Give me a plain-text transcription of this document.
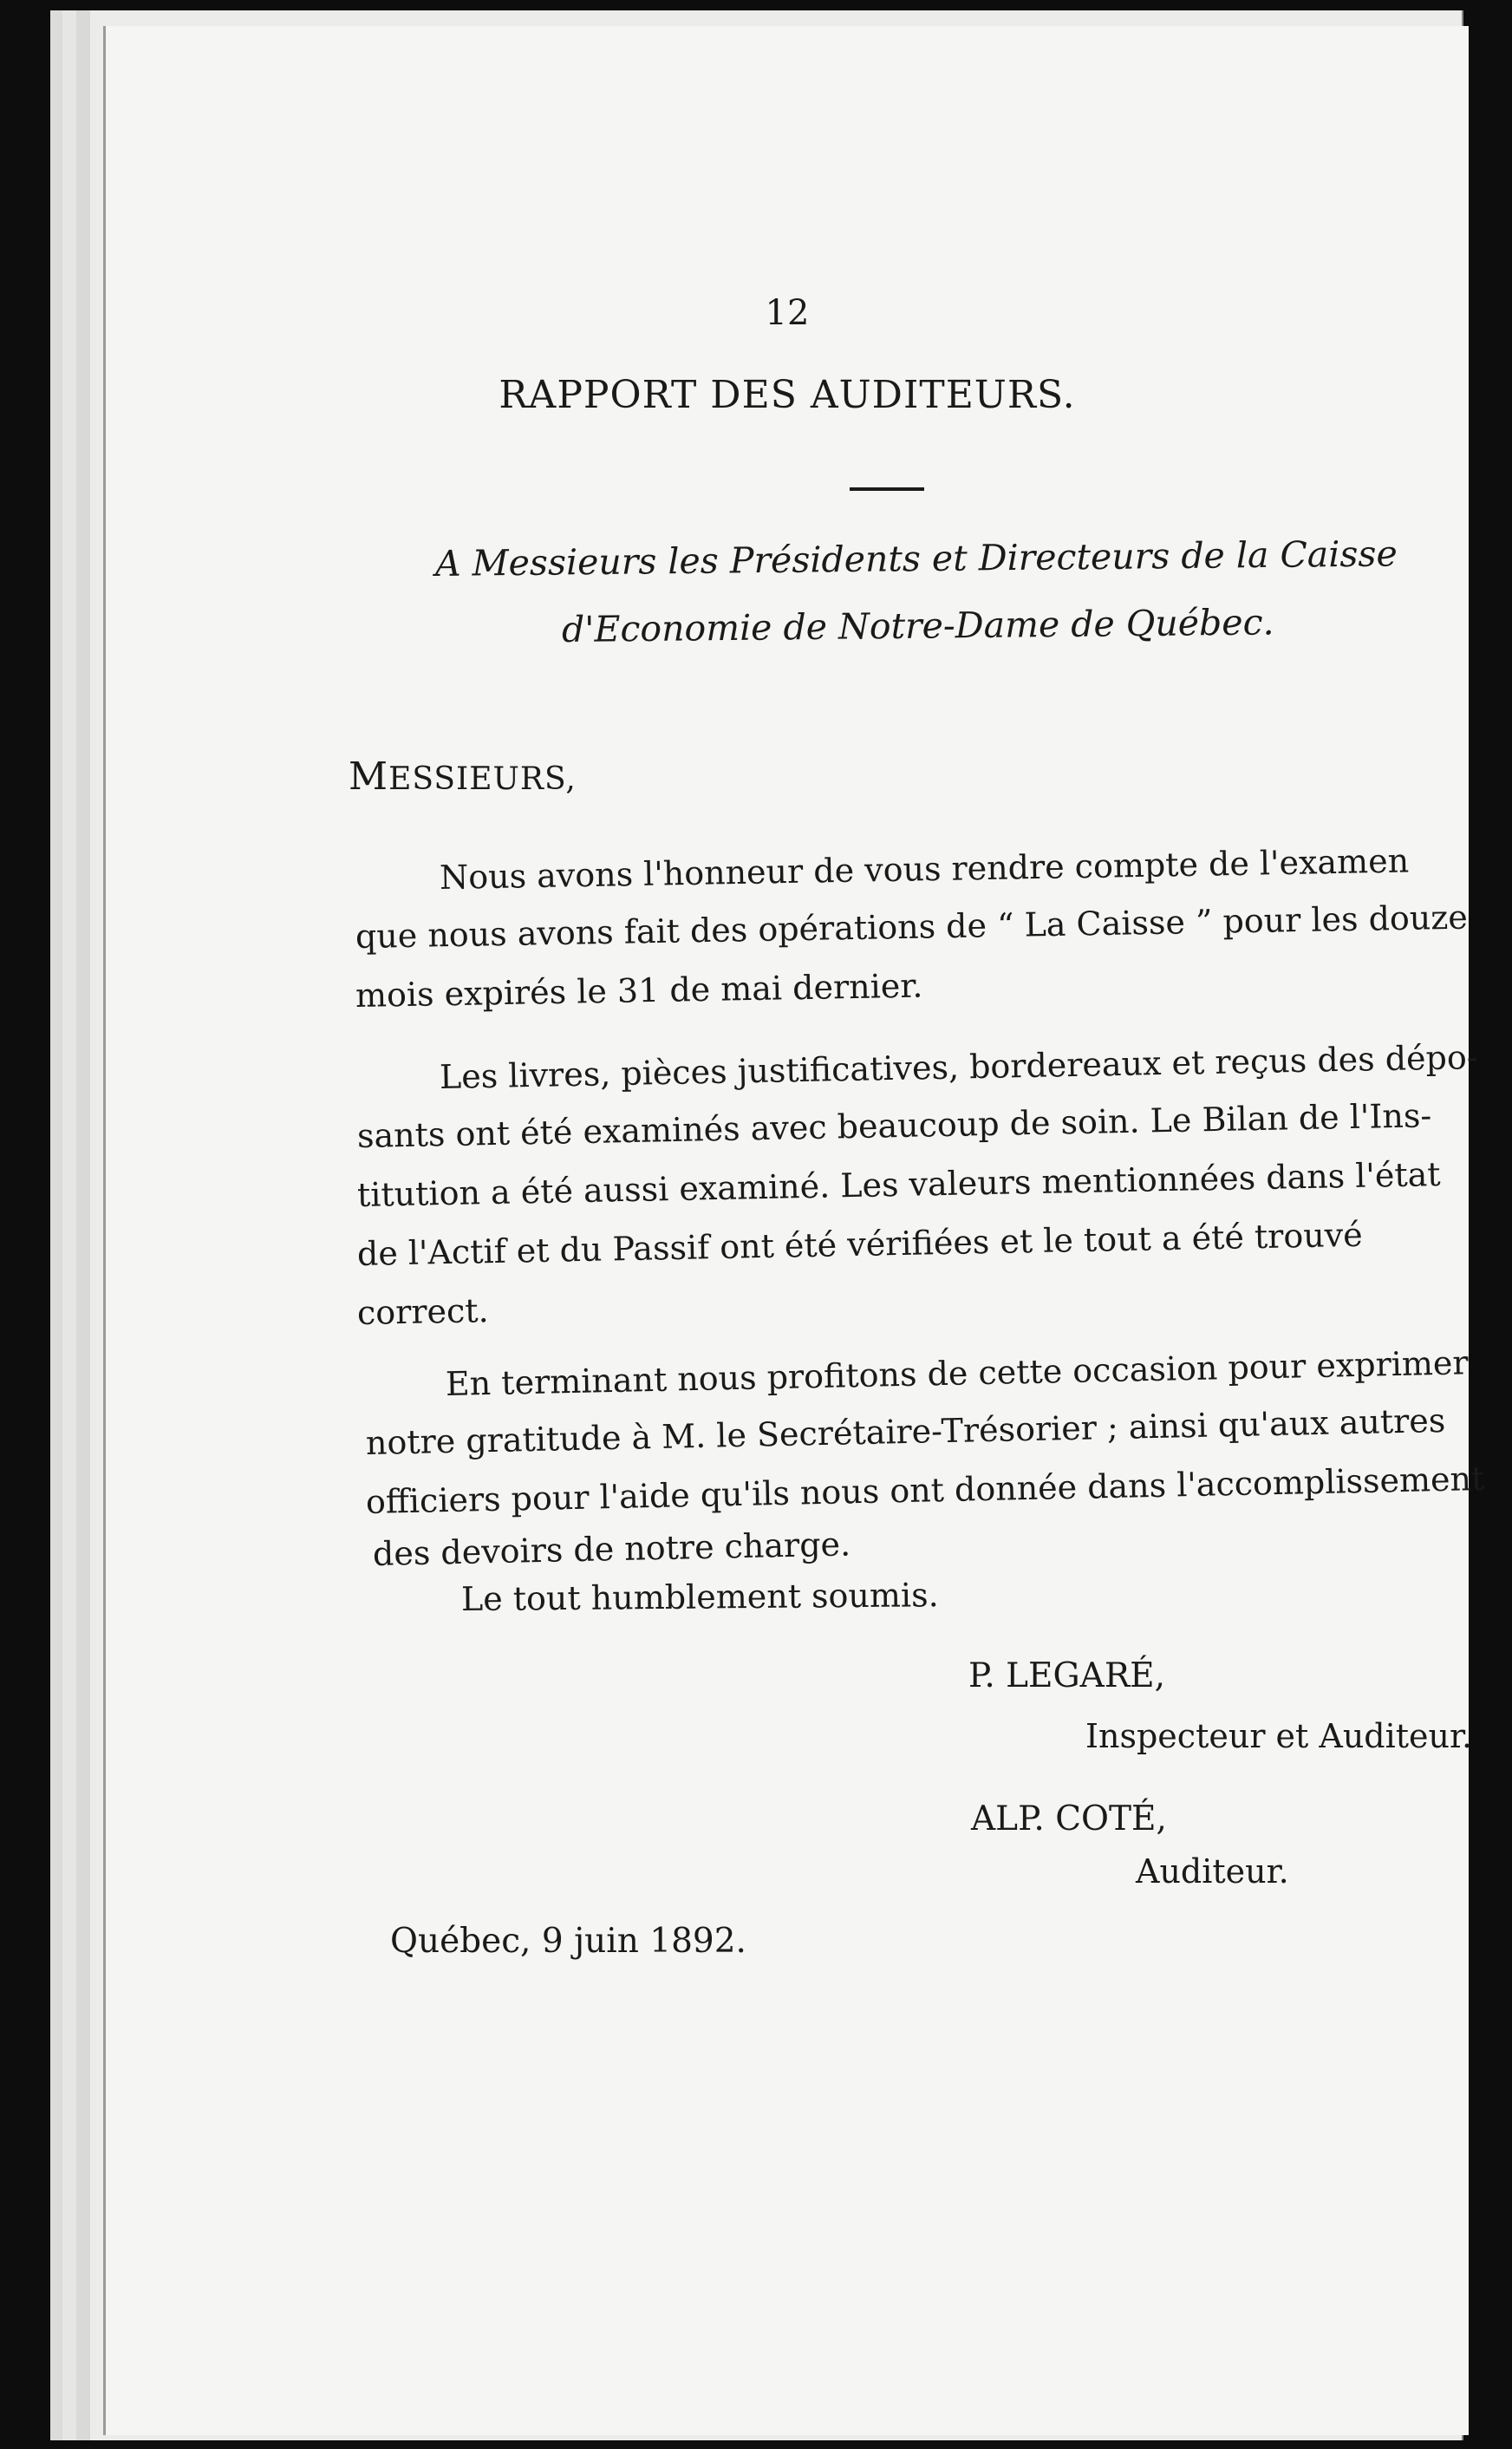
12
RAPPORT DES AUDITEURS.
A Messieurs les Présidents et Directeurs de la Caisse
d'Economie de Notre-Dame de Québec.
MESSIEURS,
Nous avons l'honneur de vous rendre compte de l'examen
que nous avons fait des opérations de “ La Caisse ” pour les douze
mois expirés le 31 de mai dernier.
Les livres, pièces justificatives, bordereaux et reçus des dépo-
sants ont été examinés avec beaucoup de soin. Le Bilan de l'Ins-
titution a été aussi examiné. Les valeurs mentionnées dans l'état
de l'Actif et du Passif ont été vérifiées et le tout a été trouvé
correct.
En terminant nous profitons de cette occasion pour exprimer
notre gratitude à M. le Secrétaire-Trésorier ; ainsi qu'aux autres
officiers pour l'aide qu'ils nous ont donnée dans l'accomplissement
des devoirs de notre charge.
Le tout humblement soumis.
P. LEGARÉ,
Inspecteur et Auditeur.
ALP. COTÉ,
Auditeur.
Québec, 9 juin 1892.
